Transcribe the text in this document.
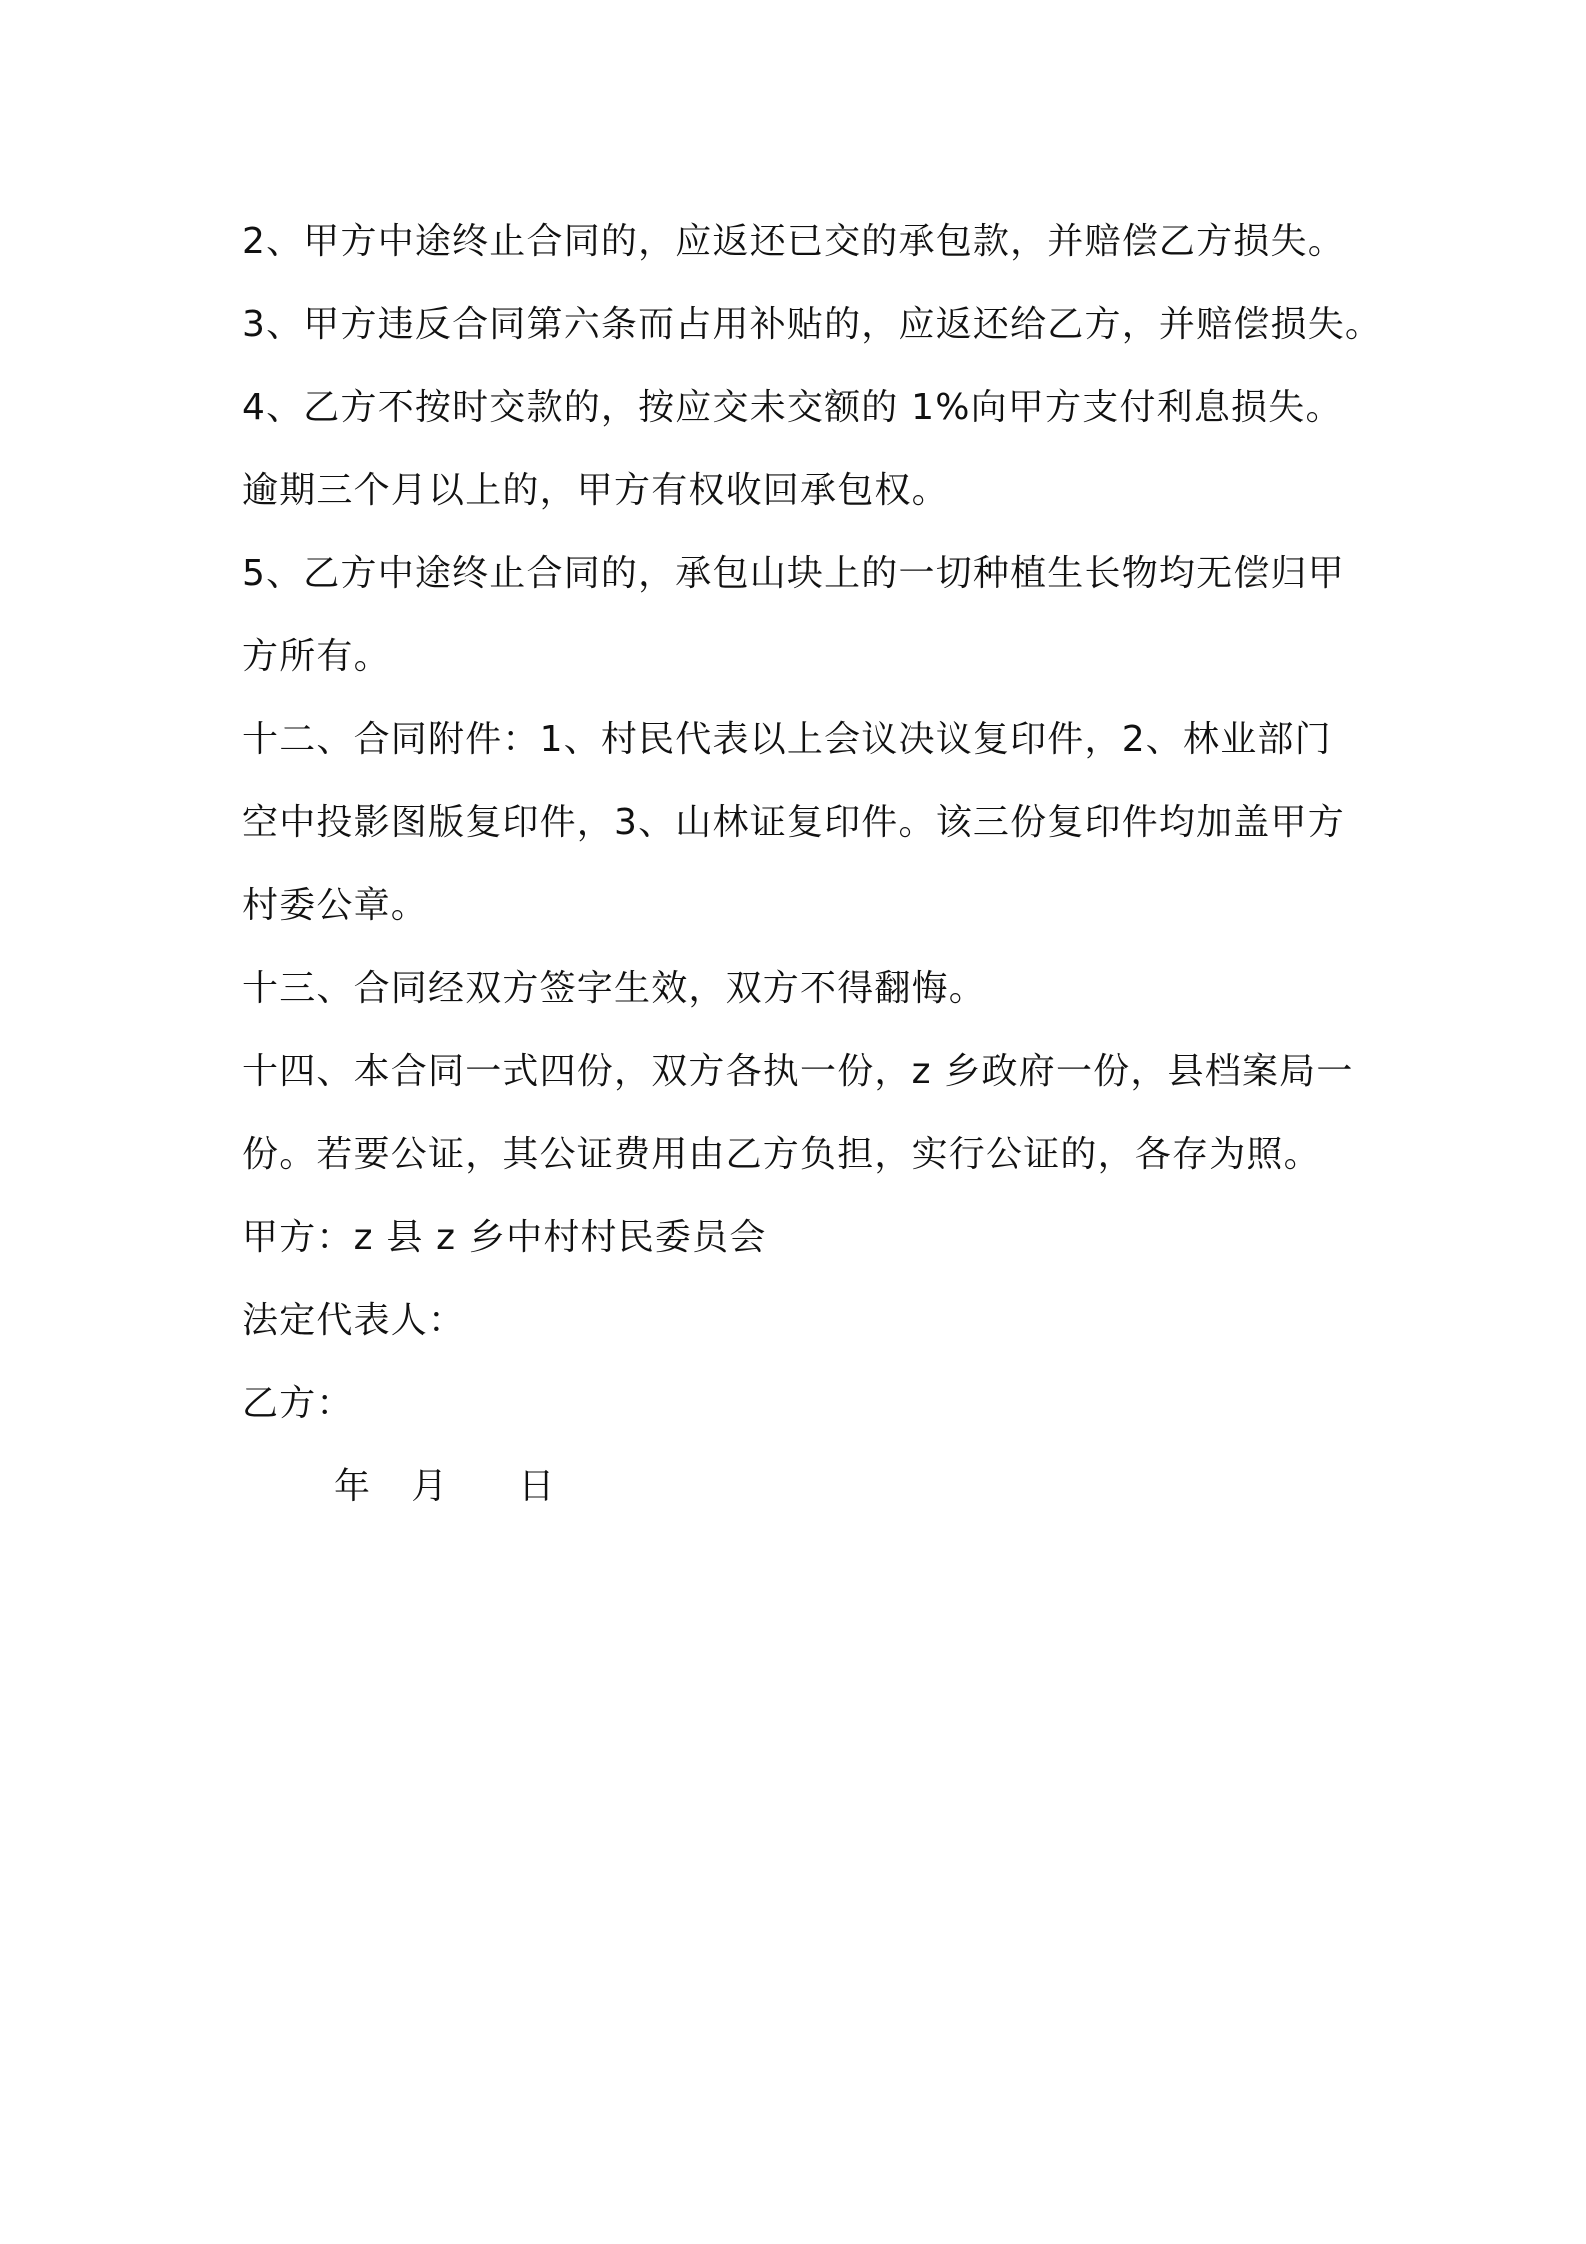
2、甲方中途终止合同的，应返还已交的承包款，并赔偿乙方损失。
3、甲方违反合同第六条而占用补贴的，应返还给乙方，并赔偿损失。
4、乙方不按时交款的，按应交未交额的 1%向甲方支付利息损失。
逾期三个月以上的，甲方有权收回承包权。
5、乙方中途终止合同的，承包山块上的一切种植生长物均无偿归甲
方所有。
十二、合同附件：1、村民代表以上会议决议复印件，2、林业部门
空中投影图版复印件，3、山林证复印件。该三份复印件均加盖甲方
村委公章。
十三、合同经双方签字生效，双方不得翻悔。
十四、本合同一式四份，双方各执一份，z 乡政府一份，县档案局一
份。若要公证，其公证费用由乙方负担，实行公证的，各存为照。
甲方：z 县 z 乡中村村民委员会
法定代表人：
乙方：
年 月 日
